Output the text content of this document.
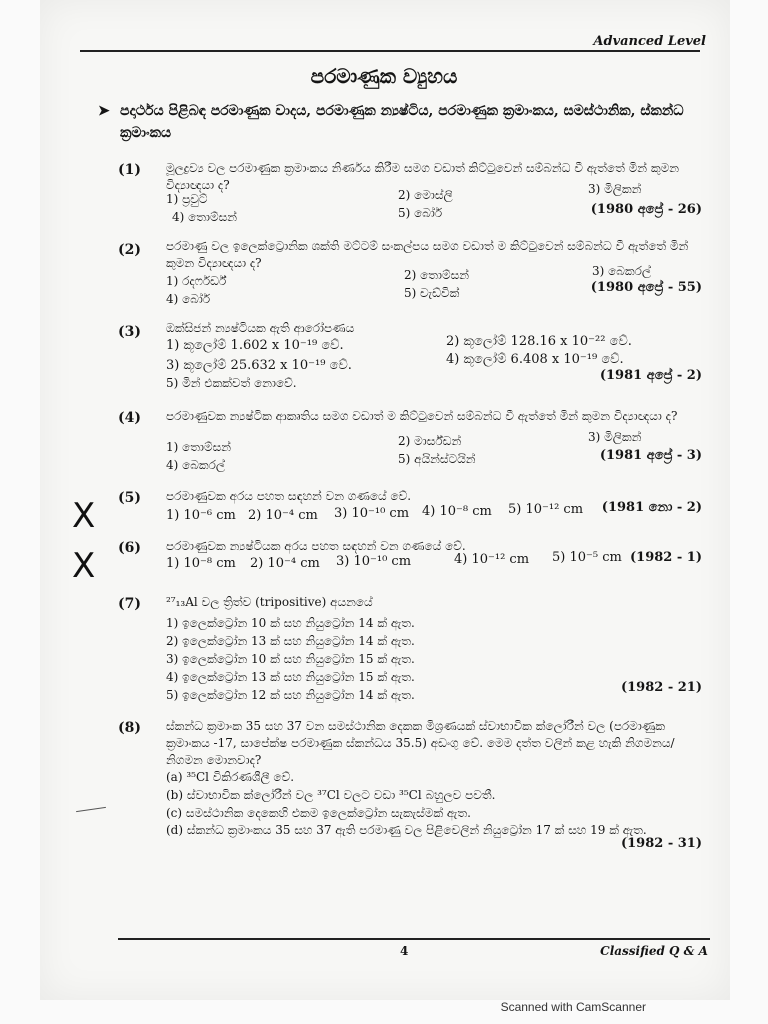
Advanced Level
පරමාණුක ව්‍යුහය
➤ පදාර්ථය පිළිබඳ පරමාණුක වාදය, පරමාණුක න්‍යෂ්ටිය, පරමාණුක ක්‍රමාංකය, සමස්ථානික, ස්කන්ධ ක්‍රමාංකය
(1) මූලද්‍රව්‍ය වල පරමාණුක ක්‍රමාංකය නිර්ණය කිරීම සමග වඩාත් කිට්ටුවෙන් සම්බන්ධ වී ඇත්තේ මින් කුමන විද්‍යාඥයා ද?
1) ප්‍රවුට්	2) මොස්ලි	3) මිලිකන්
4) තොම්සන්	5) බෝර්	(1980 අප්‍රේ - 26)
(2) පරමාණු වල ඉලෙක්ට්‍රොනික ශක්ති මට්ටම් සංකල්පය සමග වඩාත් ම කිට්ටුවෙන් සම්බන්ධ වී ඇත්තේ මින් කුමන විද්‍යාඥයා ද?
1) රදර්ෆර්ඩ්	2) තොම්සන්	3) බෙකරල්
4) බෝර්	5) චැඩ්වික්	(1980 අප්‍රේ - 55)
(3) ඔක්සිජන් න්‍යෂ්ටියක ඇති ආරෝපණය
1) කූලෝම් 1.602 x 10⁻¹⁹ වේ.	2) කූලෝම් 128.16 x 10⁻²² වේ.
3) කූලෝම් 25.632 x 10⁻¹⁹ වේ.	4) කූලෝම් 6.408 x 10⁻¹⁹ වේ.
5) මින් එකක්වත් නොවේ.	(1981 අප්‍රේ - 2)
(4) පරමාණුවක න්‍යෂ්ටික ආකෘතිය සමග වඩාත් ම කිට්ටුවෙන් සම්බන්ධ වී ඇත්තේ මින් කුමන විද්‍යාඥයා ද?
1) තොම්සන්	2) මාර්ස්ඩන්	3) මිලිකන්
4) බෙකරල්	5) අයින්ස්ටයින්	(1981 අප්‍රේ - 3)
(5) පරමාණුවක අරය පහත සඳහන් වන ගණයේ වේ.
1) 10⁻⁶ cm 2) 10⁻⁴ cm 3) 10⁻¹⁰ cm 4) 10⁻⁸ cm 5) 10⁻¹² cm (1981 නො - 2)
(6) පරමාණුවක න්‍යෂ්ටියක අරය පහත සඳහන් වන ගණයේ වේ.
1) 10⁻⁸ cm 2) 10⁻⁴ cm 3) 10⁻¹⁰ cm	4) 10⁻¹² cm 5) 10⁻⁵ cm (1982 - 1)
(7) ²⁷₁₃Al වල ත්‍රිත්ව (tripositive) අයනයේ
1) ඉලෙක්ට්‍රෝන 10 ක් සහ නියුට්‍රෝන 14 ක් ඇත.
2) ඉලෙක්ට්‍රෝන 13 ක් සහ නියුට්‍රෝන 14 ක් ඇත.
3) ඉලෙක්ට්‍රෝන 10 ක් සහ නියුට්‍රෝන 15 ක් ඇත.
4) ඉලෙක්ට්‍රෝන 13 ක් සහ නියුට්‍රෝන 15 ක් ඇත.
5) ඉලෙක්ට්‍රෝන 12 ක් සහ නියුට්‍රෝන 14 ක් ඇත.	(1982 - 21)
(8) ස්කන්ධ ක්‍රමාංක 35 සහ 37 වන සමස්ථානික දෙකක මිශ්‍රණයක් ස්වාභාවික ක්ලෝරීන් වල (පරමාණුක ක්‍රමාංකය -17, සාපේක්ෂ පරමාණුක ස්කන්ධය 35.5) අඩංගු වේ. මෙම දත්ත වලින් කළ හැකි නිගමනය/ නිගමන මොනවාද?
(a) ³⁵Cl විකිරණශීලී වේ.
(b) ස්වාභාවික ක්ලෝරීන් වල ³⁷Cl වලට වඩා ³⁵Cl බහුලව පවතී.
(c) සමස්ථානික දෙකෙහි එකම ඉලෙක්ට්‍රෝන සැකැස්මක් ඇත.
(d) ස්කන්ධ ක්‍රමාංකය 35 සහ 37 ඇති පරමාණු වල පිළිවෙලින් නියුට්‍රෝන 17 ක් සහ 19 ක් ඇත.
(1982 - 31)
X
X
4	Classified Q & A
Scanned with CamScanner
